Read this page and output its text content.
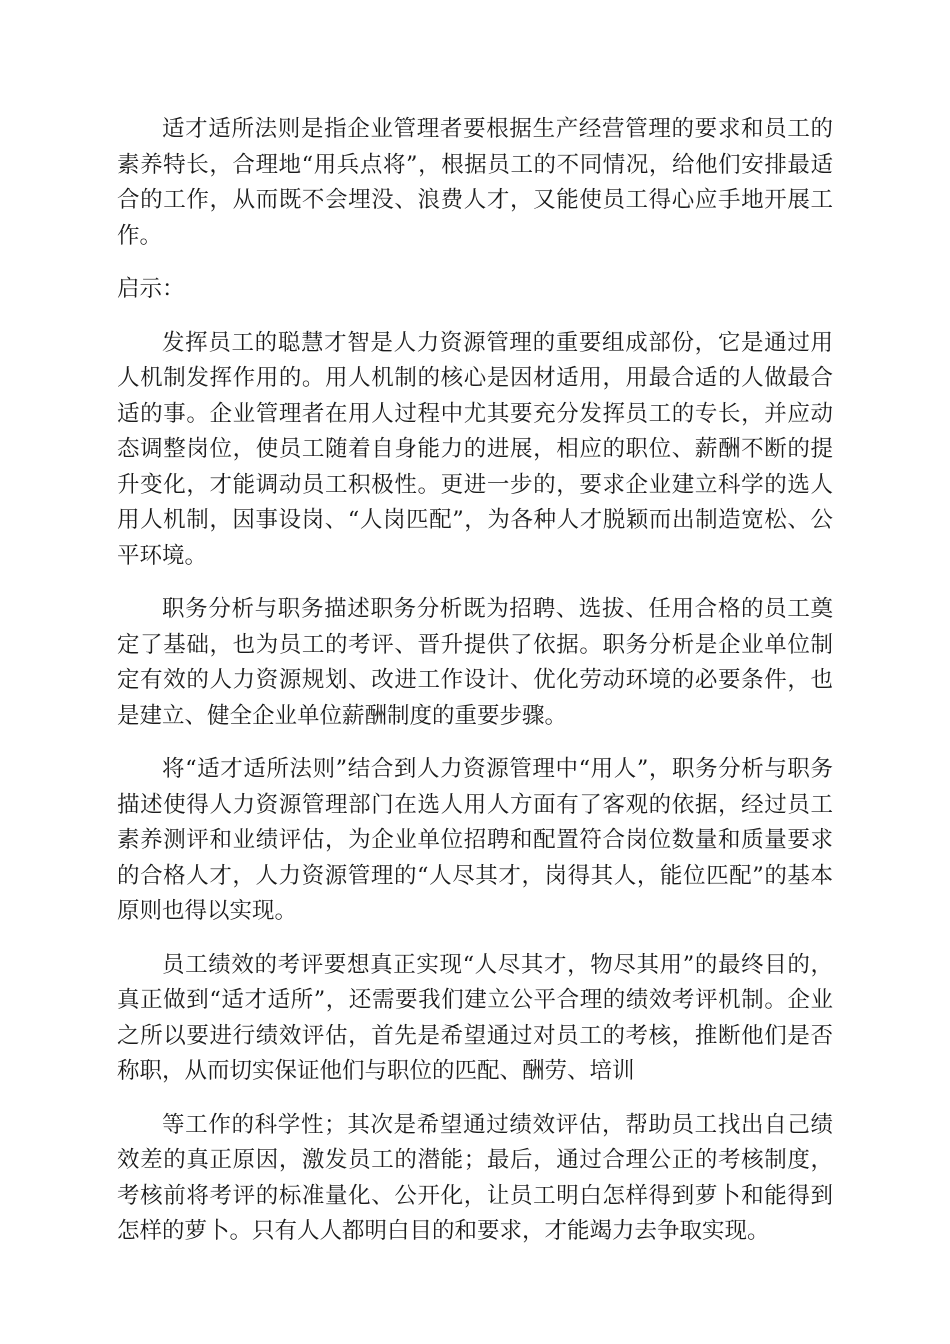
适才适所法则是指企业管理者要根据生产经营管理的要求和员工的素养特长，合理地“用兵点将”，根据员工的不同情况，给他们安排最适合的工作，从而既不会埋没、浪费人才，又能使员工得心应手地开展工作。

启示：

发挥员工的聪慧才智是人力资源管理的重要组成部份，它是通过用人机制发挥作用的。用人机制的核心是因材适用，用最合适的人做最合适的事。企业管理者在用人过程中尤其要充分发挥员工的专长，并应动态调整岗位，使员工随着自身能力的进展，相应的职位、薪酬不断的提升变化，才能调动员工积极性。更进一步的，要求企业建立科学的选人用人机制，因事设岗、“人岗匹配”，为各种人才脱颖而出制造宽松、公平环境。

职务分析与职务描述职务分析既为招聘、选拔、任用合格的员工奠定了基础，也为员工的考评、晋升提供了依据。职务分析是企业单位制定有效的人力资源规划、改进工作设计、优化劳动环境的必要条件，也是建立、健全企业单位薪酬制度的重要步骤。

将“适才适所法则”结合到人力资源管理中“用人”，职务分析与职务描述使得人力资源管理部门在选人用人方面有了客观的依据，经过员工素养测评和业绩评估，为企业单位招聘和配置符合岗位数量和质量要求的合格人才，人力资源管理的“人尽其才，岗得其人，能位匹配”的基本原则也得以实现。

员工绩效的考评要想真正实现“人尽其才，物尽其用”的最终目的，真正做到“适才适所”，还需要我们建立公平合理的绩效考评机制。企业之所以要进行绩效评估，首先是希望通过对员工的考核，推断他们是否称职，从而切实保证他们与职位的匹配、酬劳、培训

等工作的科学性；其次是希望通过绩效评估，帮助员工找出自己绩效差的真正原因，激发员工的潜能；最后，通过合理公正的考核制度，考核前将考评的标准量化、公开化，让员工明白怎样得到萝卜和能得到怎样的萝卜。只有人人都明白目的和要求，才能竭力去争取实现。
